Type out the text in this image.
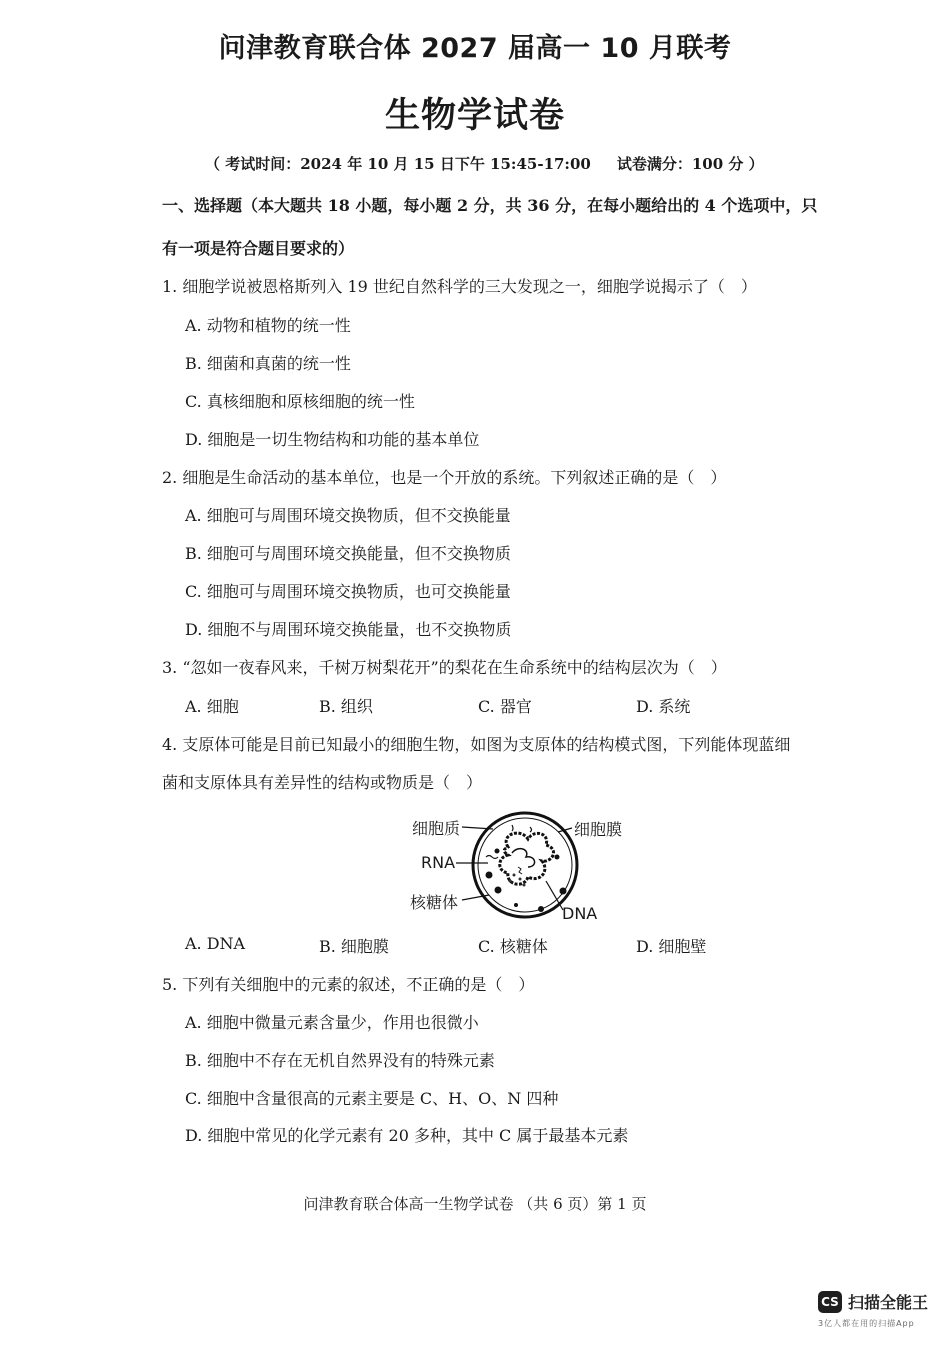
问津教育联合体 2027 届高一 10 月联考
生物学试卷
（ 考试时间：2024 年 10 月 15 日下午 15:45-17:00 试卷满分：100 分 ）
一、选择题（本大题共 18 小题，每小题 2 分，共 36 分，在每小题给出的 4 个选项中，只
有一项是符合题目要求的）
1. 细胞学说被恩格斯列入 19 世纪自然科学的三大发现之一，细胞学说揭示了（　）
A. 动物和植物的统一性
B. 细菌和真菌的统一性
C. 真核细胞和原核细胞的统一性
D. 细胞是一切生物结构和功能的基本单位
2. 细胞是生命活动的基本单位，也是一个开放的系统。下列叙述正确的是（　）
A. 细胞可与周围环境交换物质，但不交换能量
B. 细胞可与周围环境交换能量，但不交换物质
C. 细胞可与周围环境交换物质，也可交换能量
D. 细胞不与周围环境交换能量，也不交换物质
3. “忽如一夜春风来，千树万树梨花开”的梨花在生命系统中的结构层次为（　）
A. 细胞	B. 组织	C. 器官	D. 系统
4. 支原体可能是目前已知最小的细胞生物，如图为支原体的结构模式图，下列能体现蓝细
菌和支原体具有差异性的结构或物质是（　）
细胞质	细胞膜
RNA
核糖体
DNA
A. DNA	B. 细胞膜	C. 核糖体	D. 细胞壁
5. 下列有关细胞中的元素的叙述，不正确的是（　）
A. 细胞中微量元素含量少，作用也很微小
B. 细胞中不存在无机自然界没有的特殊元素
C. 细胞中含量很高的元素主要是 C、H、O、N 四种
D. 细胞中常见的化学元素有 20 多种，其中 C 属于最基本元素
问津教育联合体高一生物学试卷 （共 6 页）第 1 页
CS 扫描全能王
3亿人都在用的扫描App
